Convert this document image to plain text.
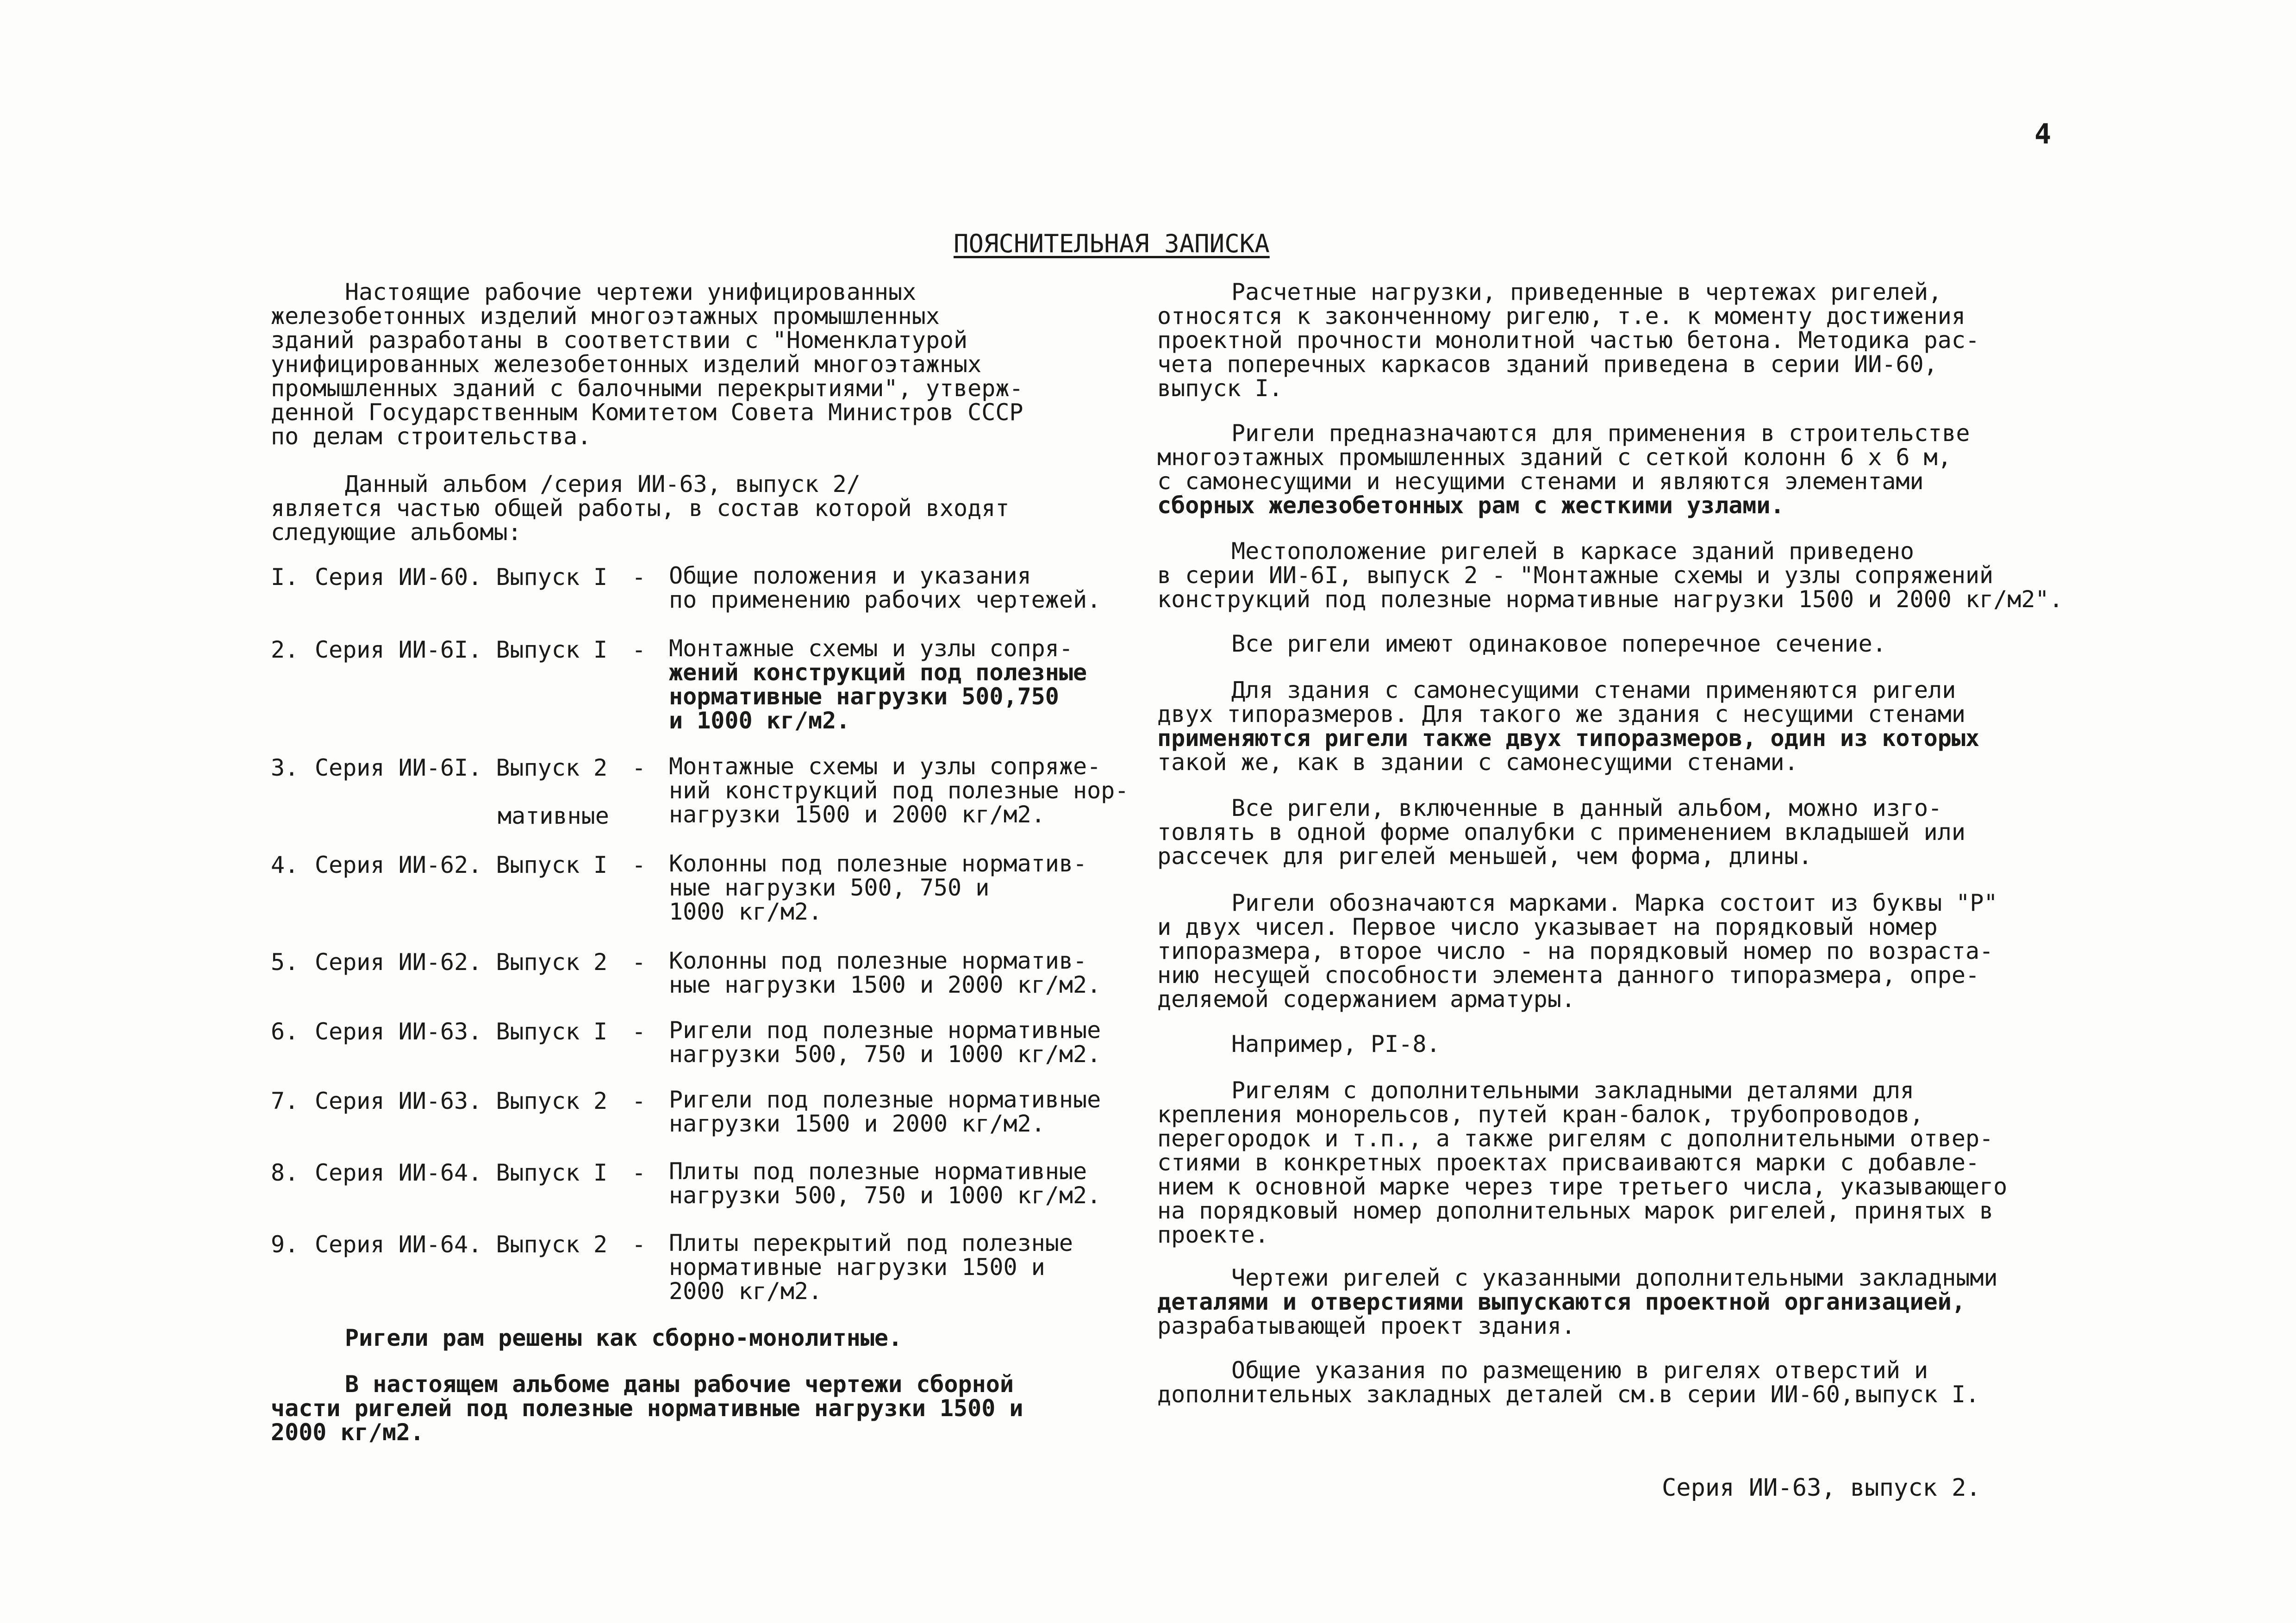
4
ПОЯСНИТЕЛЬНАЯ ЗАПИСКА
Настоящие рабочие чертежи унифицированных
железобетонных изделий многоэтажных промышленных
зданий разработаны в соответствии с "Номенклатурой
унифицированных железобетонных изделий многоэтажных
промышленных зданий с балочными перекрытиями", утверж-
денной Государственным Комитетом Совета Министров СССР
по делам строительства.
Данный альбом /серия ИИ-63, выпуск 2/
является частью общей работы, в состав которой входят
следующие альбомы:
I. Серия ИИ-60. Выпуск I - Общие положения и указания
по применению рабочих чертежей.
2. Серия ИИ-6I. Выпуск I - Монтажные схемы и узлы сопря-
жений конструкций под полезные
нормативные нагрузки 500,750
и 1000 кг/м2.
3. Серия ИИ-6I. Выпуск 2 - Монтажные схемы и узлы сопряже-
ний конструкций под полезные нор-
нагрузки 1500 и 2000 кг/м2.
мативные
4. Серия ИИ-62. Выпуск I - Колонны под полезные норматив-
ные нагрузки 500, 750 и
1000 кг/м2.
5. Серия ИИ-62. Выпуск 2 - Колонны под полезные норматив-
ные нагрузки 1500 и 2000 кг/м2.
6. Серия ИИ-63. Выпуск I - Ригели под полезные нормативные
нагрузки 500, 750 и 1000 кг/м2.
7. Серия ИИ-63. Выпуск 2 - Ригели под полезные нормативные
нагрузки 1500 и 2000 кг/м2.
8. Серия ИИ-64. Выпуск I - Плиты под полезные нормативные
нагрузки 500, 750 и 1000 кг/м2.
9. Серия ИИ-64. Выпуск 2 - Плиты перекрытий под полезные
нормативные нагрузки 1500 и
2000 кг/м2.
Ригели рам решены как сборно-монолитные.
В настоящем альбоме даны рабочие чертежи сборной
части ригелей под полезные нормативные нагрузки 1500 и
2000 кг/м2.
Расчетные нагрузки, приведенные в чертежах ригелей,
относятся к законченному ригелю, т.е. к моменту достижения
проектной прочности монолитной частью бетона. Методика рас-
чета поперечных каркасов зданий приведена в серии ИИ-60,
выпуск I.
Ригели предназначаются для применения в строительстве
многоэтажных промышленных зданий с сеткой колонн 6 х 6 м,
с самонесущими и несущими стенами и являются элементами
сборных железобетонных рам с жесткими узлами.
Местоположение ригелей в каркасе зданий приведено
в серии ИИ-6I, выпуск 2 - "Монтажные схемы и узлы сопряжений
конструкций под полезные нормативные нагрузки 1500 и 2000 кг/м2".
Все ригели имеют одинаковое поперечное сечение.
Для здания с самонесущими стенами применяются ригели
двух типоразмеров. Для такого же здания с несущими стенами
применяются ригели также двух типоразмеров, один из которых
такой же, как в здании с самонесущими стенами.
Все ригели, включенные в данный альбом, можно изго-
товлять в одной форме опалубки с применением вкладышей или
рассечек для ригелей меньшей, чем форма, длины.
Ригели обозначаются марками. Марка состоит из буквы "Р"
и двух чисел. Первое число указывает на порядковый номер
типоразмера, второе число - на порядковый номер по возраста-
нию несущей способности элемента данного типоразмера, опре-
деляемой содержанием арматуры.
Например, РI-8.
Ригелям с дополнительными закладными деталями для
крепления монорельсов, путей кран-балок, трубопроводов,
перегородок и т.п., а также ригелям с дополнительными отвер-
стиями в конкретных проектах присваиваются марки с добавле-
нием к основной марке через тире третьего числа, указывающего
на порядковый номер дополнительных марок ригелей, принятых в
проекте.
Чертежи ригелей с указанными дополнительными закладными
деталями и отверстиями выпускаются проектной организацией,
разрабатывающей проект здания.
Общие указания по размещению в ригелях отверстий и
дополнительных закладных деталей см.в серии ИИ-60,выпуск I.
Серия ИИ-63, выпуск 2.
